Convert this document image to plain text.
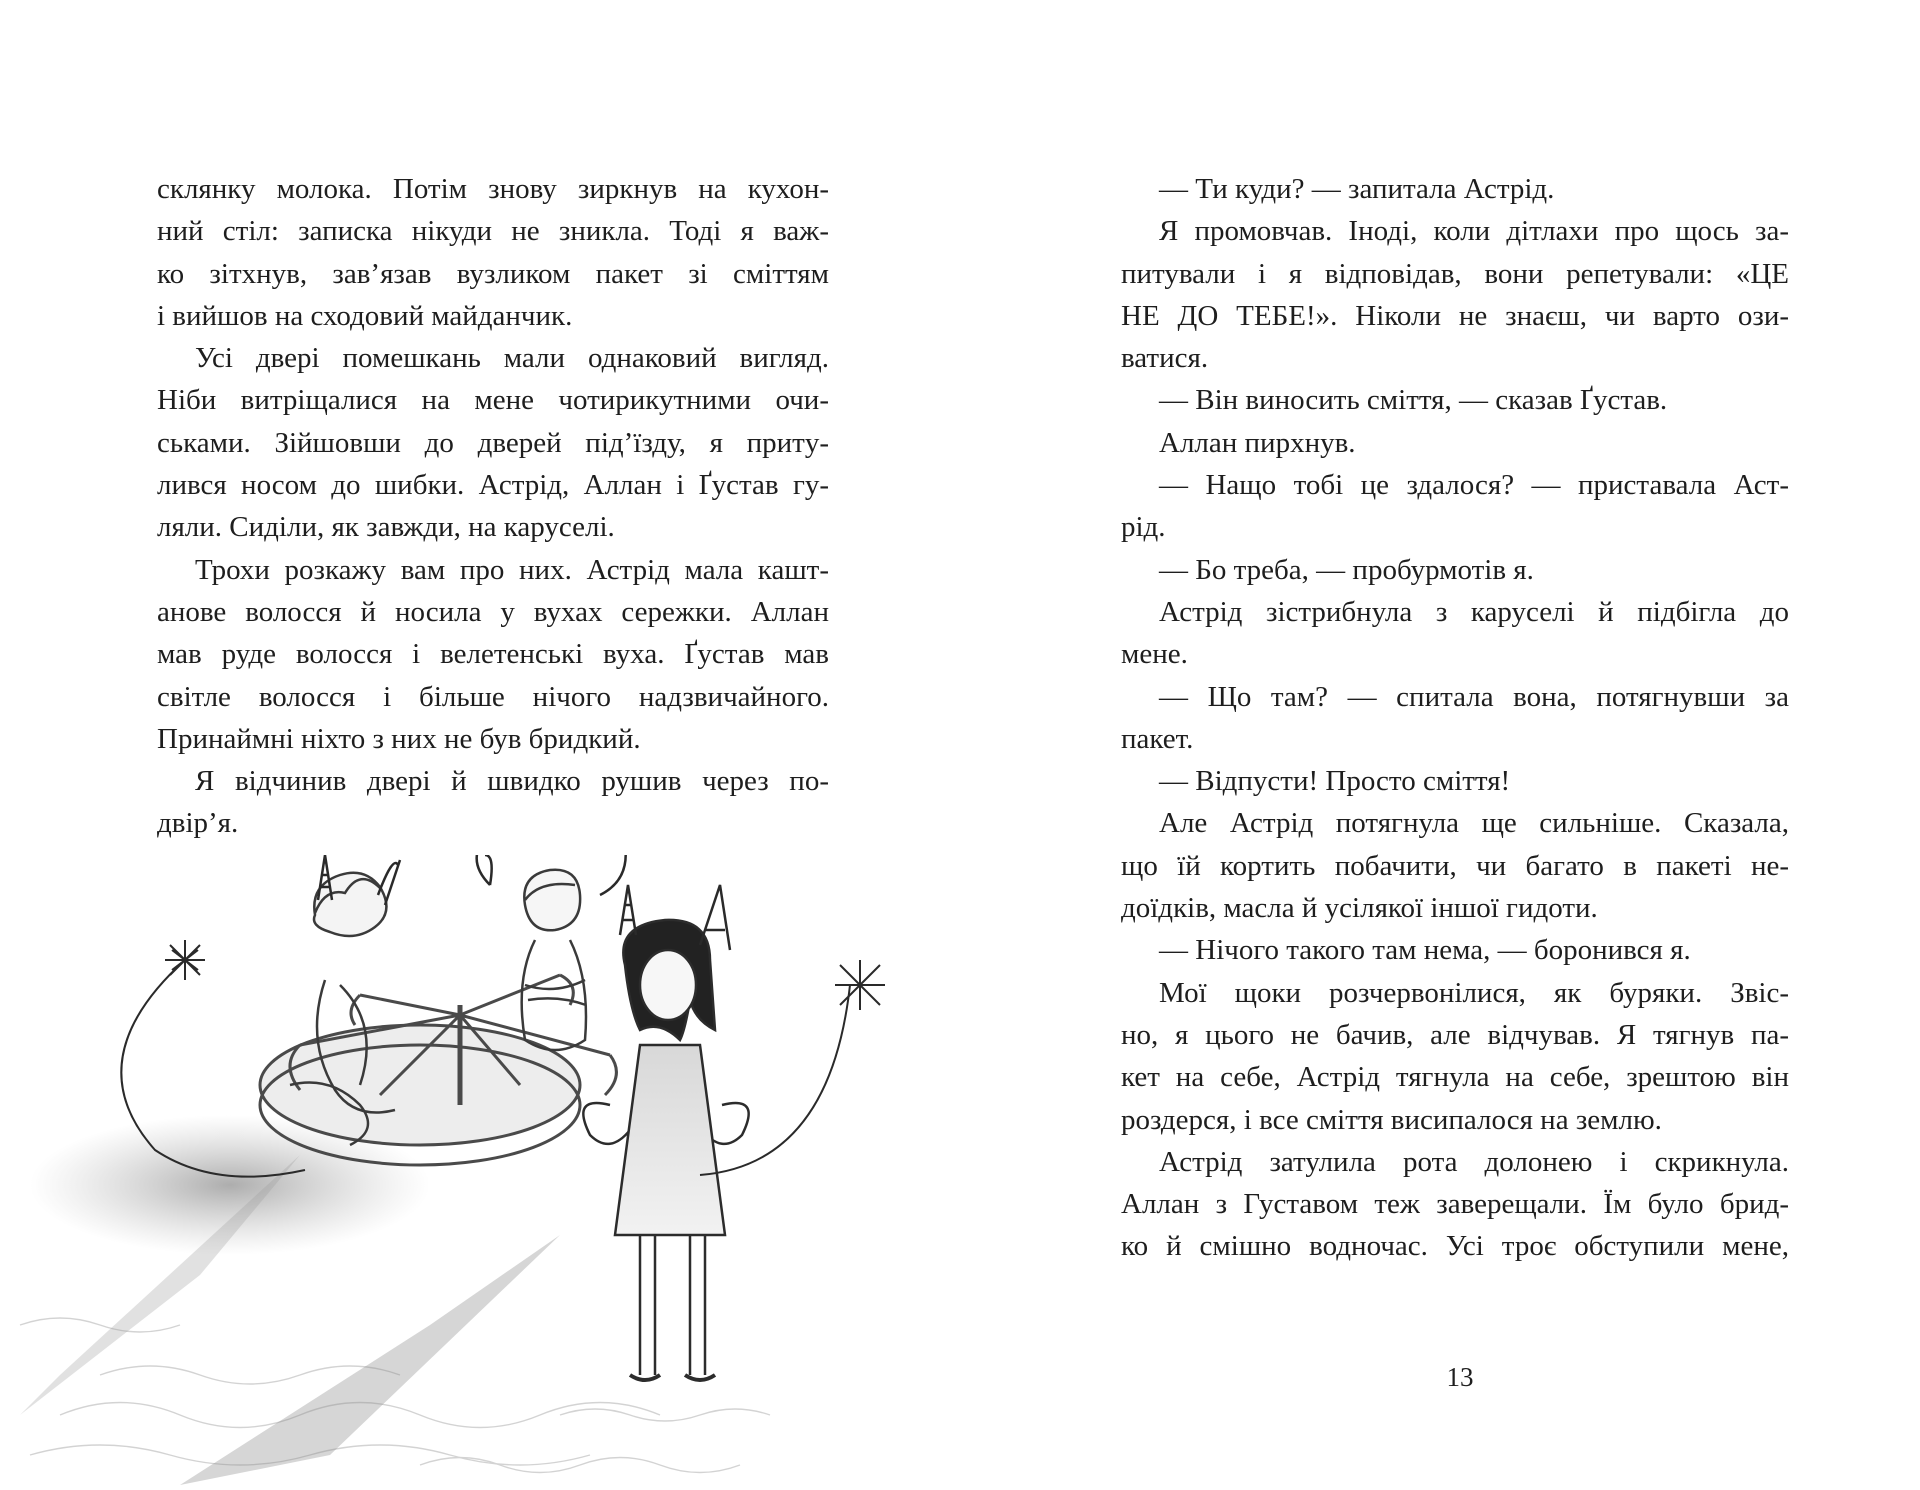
склянку молока. Потім знову зиркнув на кухон-
ний стіл: записка нікуди не зникла. Тоді я важ-
ко зітхнув, зав’язав вузликом пакет зі сміттям
і вийшов на сходовий майданчик.
Усі двері помешкань мали однаковий вигляд.
Ніби витріщалися на мене чотирикутними очи-
ськами. Зійшовши до дверей під’їзду, я притy-
лився носом до шибки. Астрід, Аллан і Ґустав гу-
ляли. Сиділи, як завжди, на каруселі.
Трохи розкажу вам про них. Астрід мала кашт-
анове волосся й носила у вухах сережки. Аллан
мав руде волосся і велетенські вуха. Ґустав мав
світле волосся і більше нічого надзвичайного.
Принаймні ніхто з них не був бридкий.
Я відчинив двері й швидко рушив через по-
двір’я.
— Ти куди? — запитала Астрід.
Я промовчав. Іноді, коли дітлахи про щось за-
питували і я відповідав, вони репетували: «ЦЕ
НЕ ДО ТЕБЕ!». Ніколи не знаєш, чи варто ози-
ватися.
— Він виносить сміття, — сказав Ґустав.
Аллан пирхнув.
— Нащо тобі це здалося? — приставала Аст-
рід.
— Бо треба, — пробурмотів я.
Астрід зістрибнула з каруселі й підбігла до
мене.
— Що там? — спитала вона, потягнувши за
пакет.
— Відпусти! Просто сміття!
Але Астрід потягнула ще сильніше. Сказала,
що їй кортить побачити, чи багато в пакеті не-
доїдків, масла й усілякої іншої гидоти.
— Нічого такого там нема, — боронився я.
Мої щоки розчервонілися, як буряки. Звіс-
но, я цього не бачив, але відчував. Я тягнув па-
кет на себе, Астрід тягнула на себе, зрештою він
роздерся, і все сміття висипалося на землю.
Астрід затулила рота долонею і скрикнула.
Аллан з Густавом теж заверещали. Їм було брид-
ко й смішно водночас. Усі троє обступили мене,
13
